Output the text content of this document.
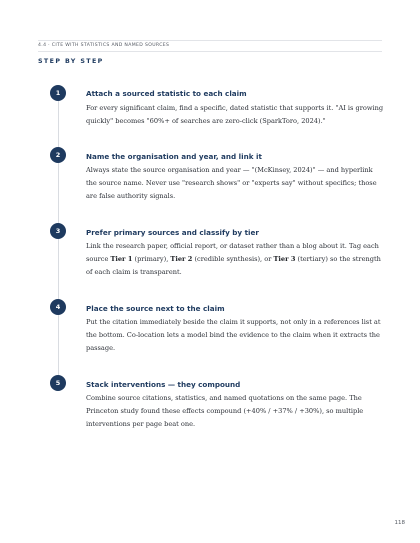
4.4 · CITE WITH STATISTICS AND NAMED SOURCES
STEP BY STEP
1	Attach a sourced statistic to each claim
For every significant claim, find a specific, dated statistic that supports it. "AI is growing quickly" becomes "60%+ of searches are zero-click (SparkToro, 2024)."
2	Name the organisation and year, and link it
Always state the source organisation and year — "(McKinsey, 2024)" — and hyperlink the source name. Never use "research shows" or "experts say" without specifics; those are false authority signals.
3	Prefer primary sources and classify by tier
Link the research paper, official report, or dataset rather than a blog about it. Tag each source Tier 1 (primary), Tier 2 (credible synthesis), or Tier 3 (tertiary) so the strength of each claim is transparent.
4	Place the source next to the claim
Put the citation immediately beside the claim it supports, not only in a references list at the bottom. Co-location lets a model bind the evidence to the claim when it extracts the passage.
5	Stack interventions — they compound
Combine source citations, statistics, and named quotations on the same page. The Princeton study found these effects compound (+40% / +37% / +30%), so multiple interventions per page beat one.
118
